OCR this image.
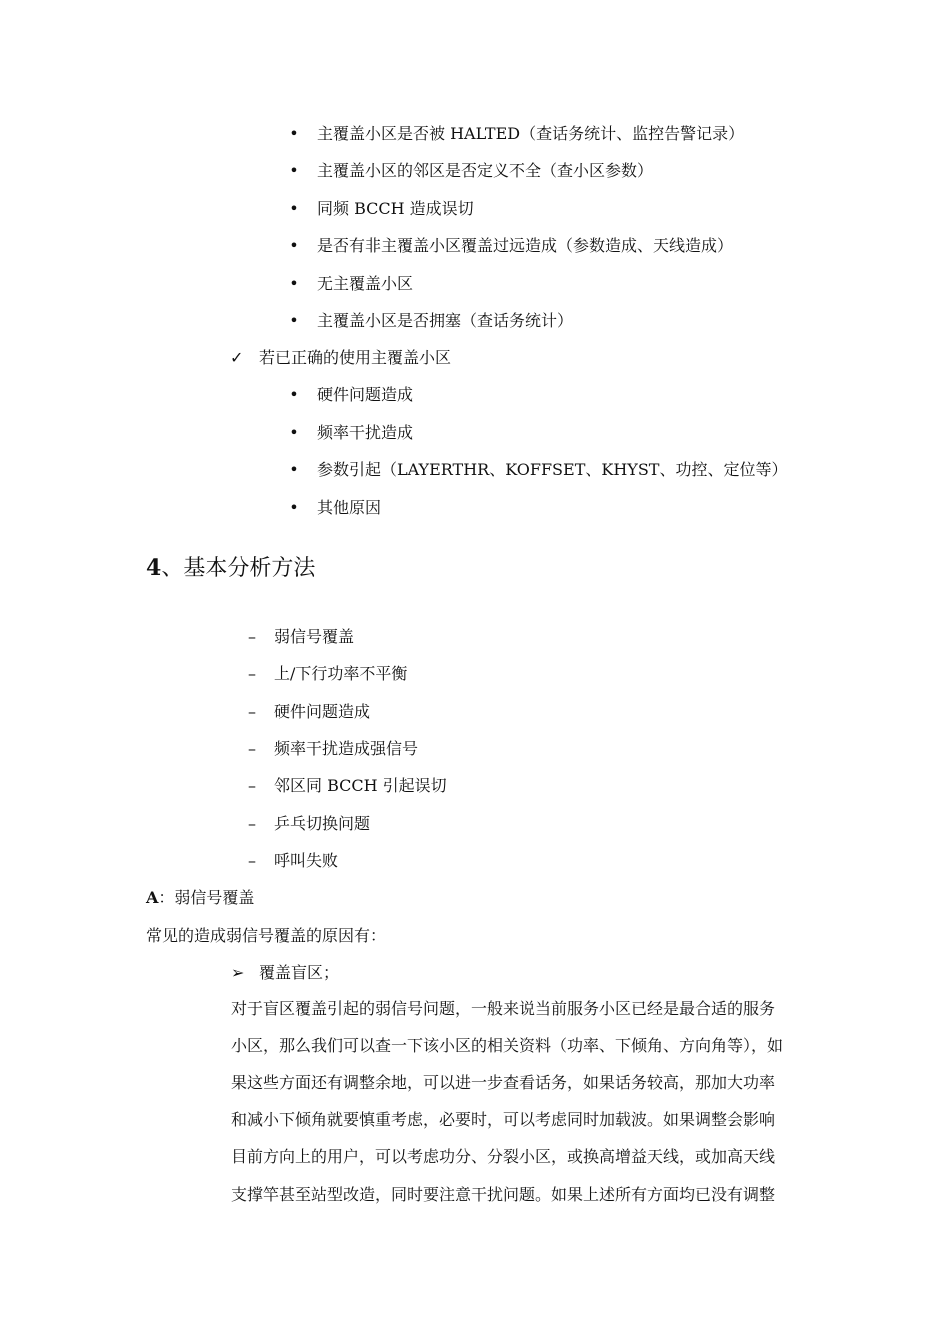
• 主覆盖小区是否被 HALTED（查话务统计、监控告警记录）
• 主覆盖小区的邻区是否定义不全（查小区参数）
• 同频 BCCH 造成误切
• 是否有非主覆盖小区覆盖过远造成（参数造成、天线造成）
• 无主覆盖小区
• 主覆盖小区是否拥塞（查话务统计）
✓ 若已正确的使用主覆盖小区
• 硬件问题造成
• 频率干扰造成
• 参数引起（LAYERTHR、KOFFSET、KHYST、功控、定位等）
• 其他原因
4、基本分析方法
– 弱信号覆盖
– 上/下行功率不平衡
– 硬件问题造成
– 频率干扰造成强信号
– 邻区同 BCCH 引起误切
– 乒乓切换问题
– 呼叫失败
A：弱信号覆盖
常见的造成弱信号覆盖的原因有：
➢ 覆盖盲区；
对于盲区覆盖引起的弱信号问题，一般来说当前服务小区已经是最合适的服务
小区，那么我们可以查一下该小区的相关资料（功率、下倾角、方向角等），如
果这些方面还有调整余地，可以进一步查看话务，如果话务较高，那加大功率
和减小下倾角就要慎重考虑，必要时，可以考虑同时加载波。如果调整会影响
目前方向上的用户，可以考虑功分、分裂小区，或换高增益天线，或加高天线
支撑竿甚至站型改造，同时要注意干扰问题。如果上述所有方面均已没有调整
